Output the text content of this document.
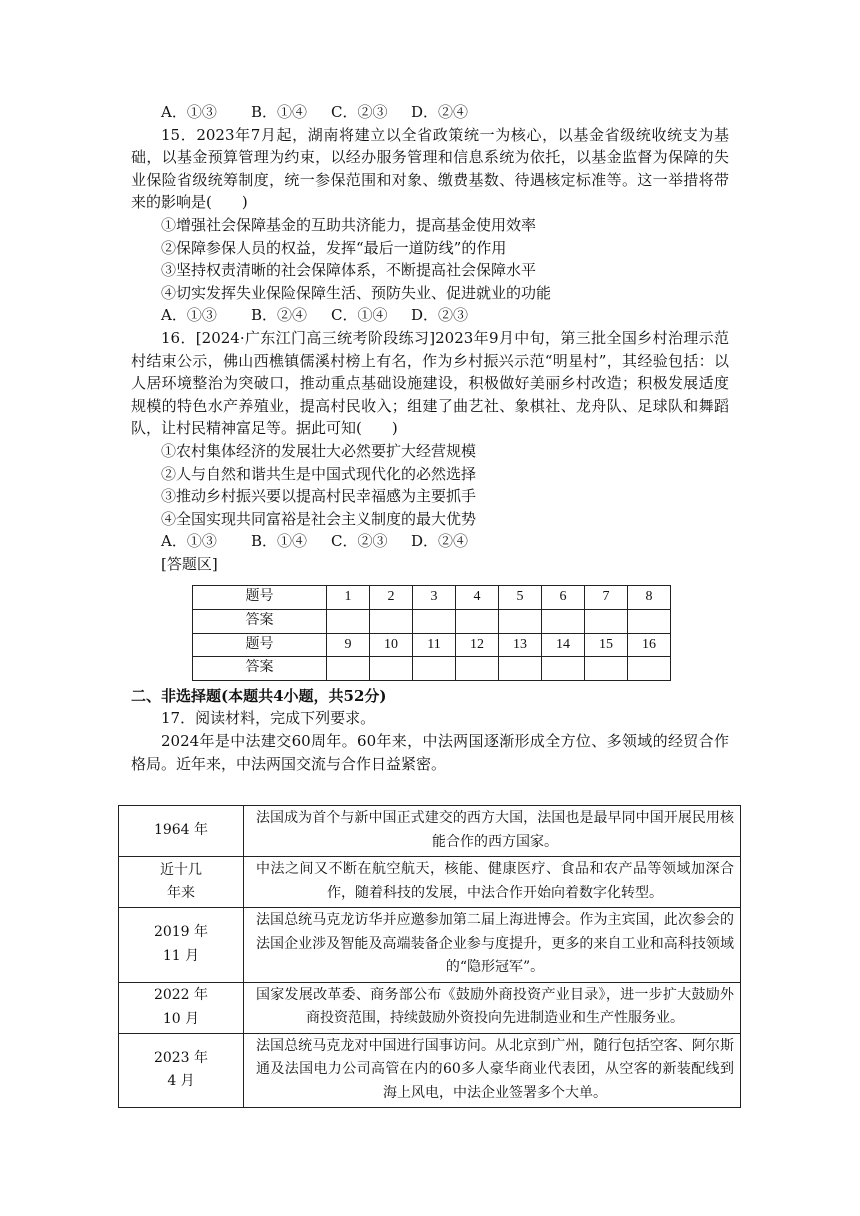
A．①③	B．①④	C．②③	D．②④
15．2023年7月起，湖南将建立以全省政策统一为核心，以基金省级统收统支为基础，以基金预算管理为约束，以经办服务管理和信息系统为依托，以基金监督为保障的失业保险省级统筹制度，统一参保范围和对象、缴费基数、待遇核定标准等。这一举措将带来的影响是(　　)
①增强社会保障基金的互助共济能力，提高基金使用效率
②保障参保人员的权益，发挥“最后一道防线”的作用
③坚持权责清晰的社会保障体系，不断提高社会保障水平
④切实发挥失业保险保障生活、预防失业、促进就业的功能
A．①③	B．②④	C．①④	D．②③
16．[2024·广东江门高三统考阶段练习]2023年9月中旬，第三批全国乡村治理示范村结束公示，佛山西樵镇儒溪村榜上有名，作为乡村振兴示范“明星村”，其经验包括：以人居环境整治为突破口，推动重点基础设施建设，积极做好美丽乡村改造；积极发展适度规模的特色水产养殖业，提高村民收入；组建了曲艺社、象棋社、龙舟队、足球队和舞蹈队，让村民精神富足等。据此可知(　　)
①农村集体经济的发展壮大必然要扩大经营规模
②人与自然和谐共生是中国式现代化的必然选择
③推动乡村振兴要以提高村民幸福感为主要抓手
④全国实现共同富裕是社会主义制度的最大优势
A．①③	B．①④	C．②③	D．②④
[答题区]
题号	1	2	3	4	5	6	7	8
答案								
题号	9	10	11	12	13	14	15	16
答案								
二、非选择题(本题共4小题，共52分)
17．阅读材料，完成下列要求。
2024年是中法建交60周年。60年来，中法两国逐渐形成全方位、多领域的经贸合作格局。近年来，中法两国交流与合作日益紧密。
1964 年	法国成为首个与新中国正式建交的西方大国，法国也是最早同中国开展民用核能合作的西方国家。
近十几
年来	中法之间又不断在航空航天，核能、健康医疗、食品和农产品等领域加深合作，随着科技的发展，中法合作开始向着数字化转型。
2019 年
11 月	法国总统马克龙访华并应邀参加第二届上海进博会。作为主宾国，此次参会的法国企业涉及智能及高端装备企业参与度提升，更多的来自工业和高科技领域的“隐形冠军”。
2022 年
10 月	国家发展改革委、商务部公布《鼓励外商投资产业目录》，进一步扩大鼓励外商投资范围，持续鼓励外资投向先进制造业和生产性服务业。
2023 年
4 月	法国总统马克龙对中国进行国事访问。从北京到广州，随行包括空客、阿尔斯通及法国电力公司高管在内的60多人豪华商业代表团，从空客的新装配线到海上风电，中法企业签署多个大单。
